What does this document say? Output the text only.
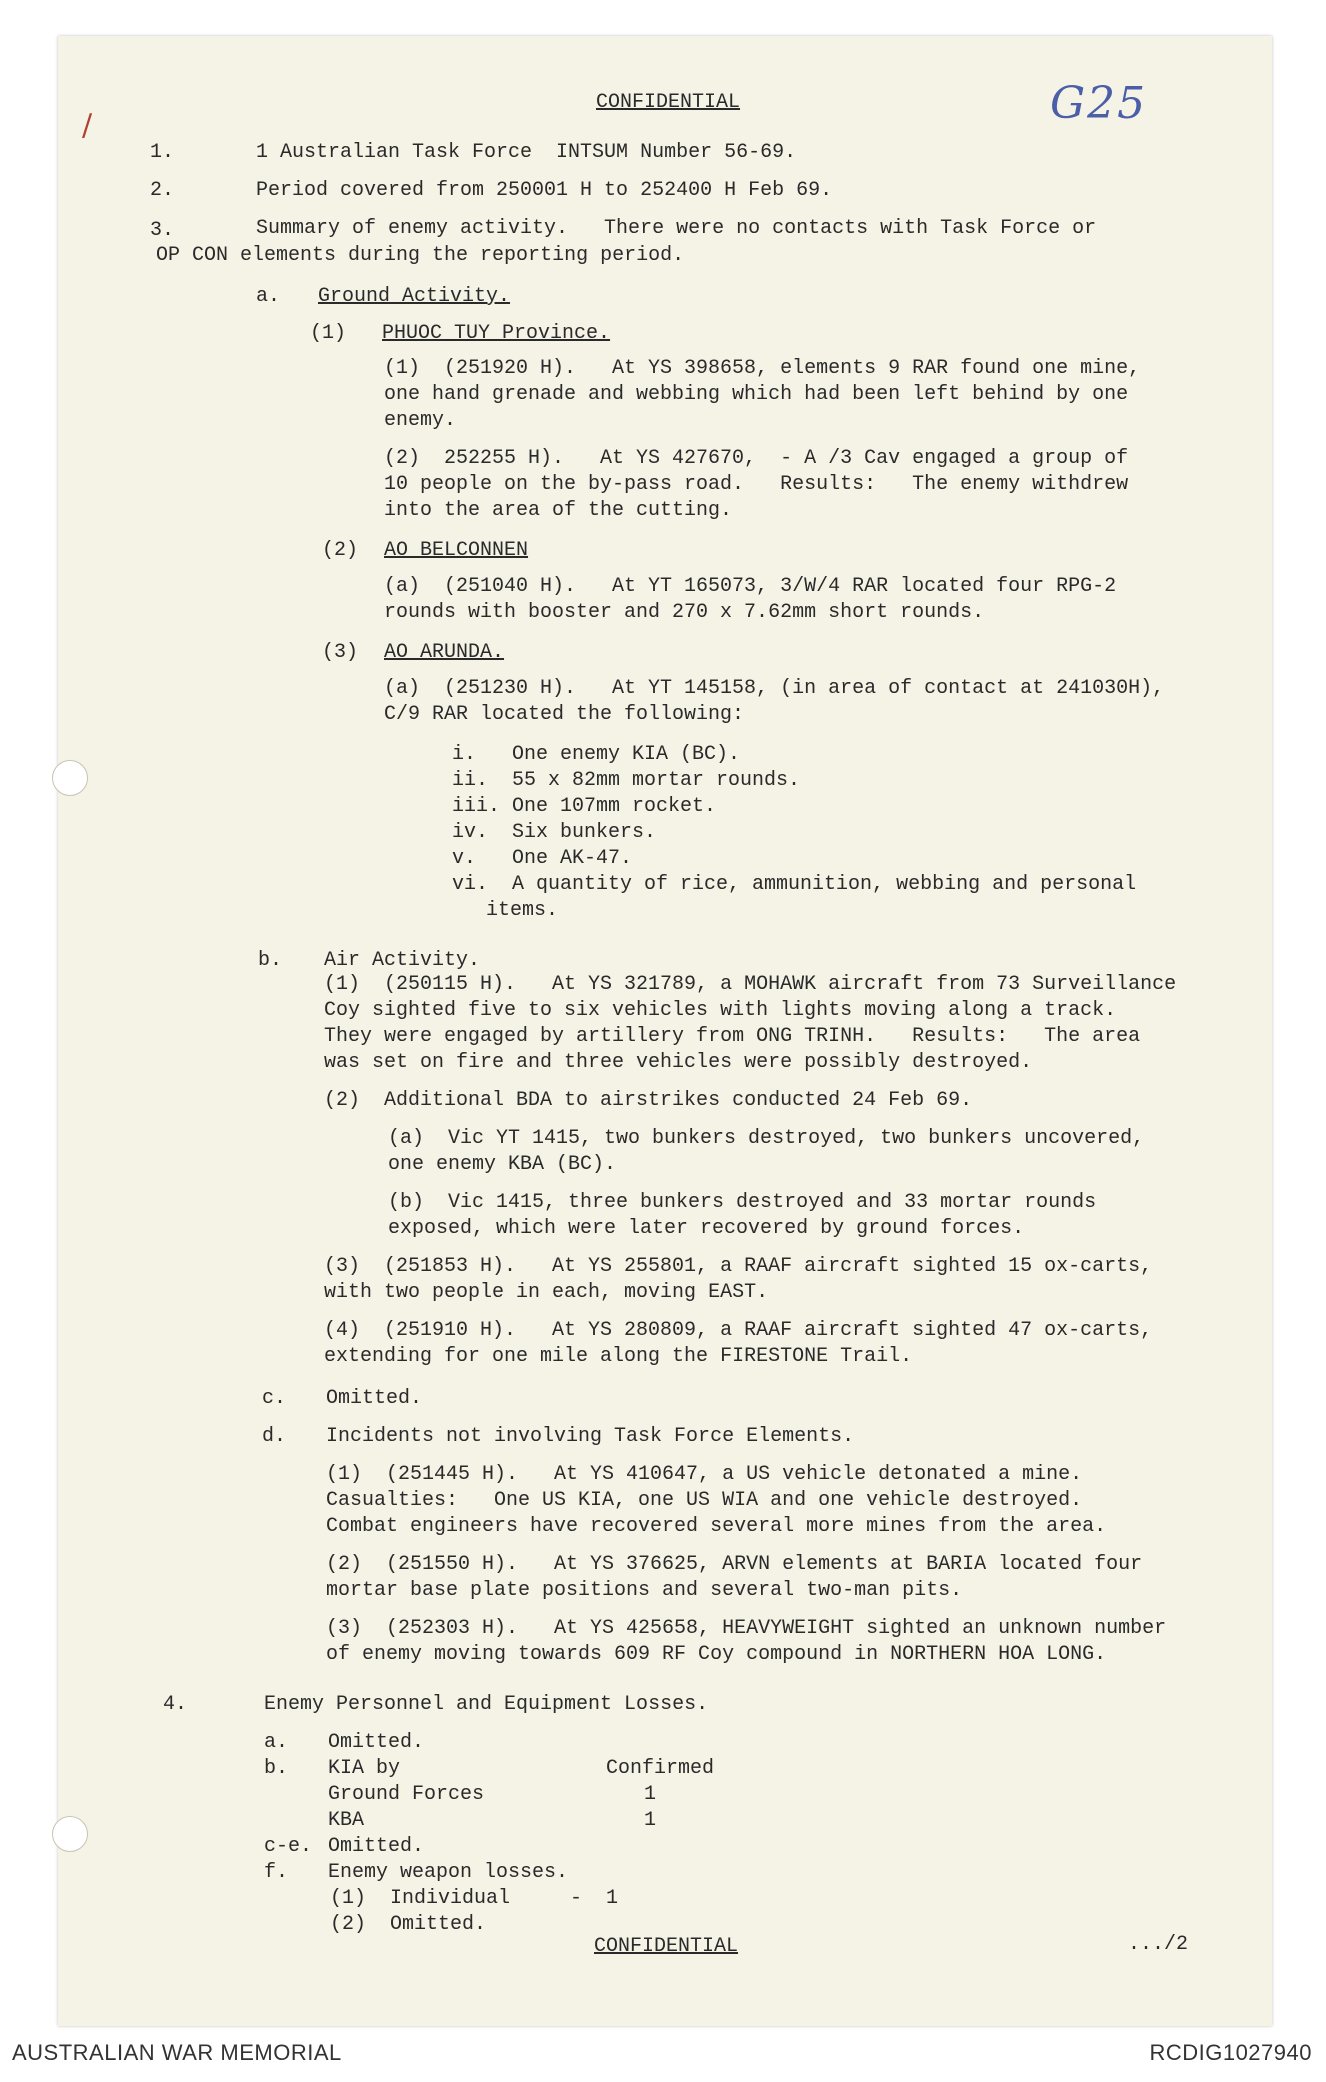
/	G25
CONFIDENTIAL
CONFIDENTIAL
1.	1 Australian Task Force  INTSUM Number 56-69.
2.	Period covered from 250001 H to 252400 H Feb 69.
3.	Summary of enemy activity.   There were no contacts with Task Force or
OP CON elements during the reporting period.
a. Ground Activity.
(1) PHUOC TUY Province.
(1)  (251920 H).   At YS 398658, elements 9 RAR found one mine,
one hand grenade and webbing which had been left behind by one
enemy.
(2)  252255 H).   At YS 427670,  - A /3 Cav engaged a group of
10 people on the by-pass road.   Results:   The enemy withdrew
into the area of the cutting.
(2) AO BELCONNEN
(a)  (251040 H).   At YT 165073, 3/W/4 RAR located four RPG-2
rounds with booster and 270 x 7.62mm short rounds.
(3) AO ARUNDA.
(a)  (251230 H).   At YT 145158, (in area of contact at 241030H),
C/9 RAR located the following:
i. One enemy KIA (BC).
ii. 55 x 82mm mortar rounds.
iii. One 107mm rocket.
iv. Six bunkers.
v. One AK-47.
vi. A quantity of rice, ammunition, webbing and personal
items.
b. Air Activity.
(1)  (250115 H).   At YS 321789, a MOHAWK aircraft from 73 Surveillance
Coy sighted five to six vehicles with lights moving along a track.
They were engaged by artillery from ONG TRINH.   Results:   The area
was set on fire and three vehicles were possibly destroyed.
(2)  Additional BDA to airstrikes conducted 24 Feb 69.
(a)  Vic YT 1415, two bunkers destroyed, two bunkers uncovered,
one enemy KBA (BC).
(b)  Vic 1415, three bunkers destroyed and 33 mortar rounds
exposed, which were later recovered by ground forces.
(3)  (251853 H).   At YS 255801, a RAAF aircraft sighted 15 ox-carts,
with two people in each, moving EAST.
(4)  (251910 H).   At YS 280809, a RAAF aircraft sighted 47 ox-carts,
extending for one mile along the FIRESTONE Trail.
c. Omitted.
d. Incidents not involving Task Force Elements.
(1)  (251445 H).   At YS 410647, a US vehicle detonated a mine.
Casualties:   One US KIA, one US WIA and one vehicle destroyed.
Combat engineers have recovered several more mines from the area.
(2)  (251550 H).   At YS 376625, ARVN elements at BARIA located four
mortar base plate positions and several two-man pits.
(3)  (252303 H).   At YS 425658, HEAVYWEIGHT sighted an unknown number
of enemy moving towards 609 RF Coy compound in NORTHERN HOA LONG.
4.	Enemy Personnel and Equipment Losses.
a. Omitted.
b. KIA by	Confirmed
Ground Forces	1
KBA	1
c-e. Omitted.
f. Enemy weapon losses.
(1)  Individual	- 1
(2)  Omitted.
.../2
AUSTRALIAN WAR MEMORIAL	RCDIG1027940
